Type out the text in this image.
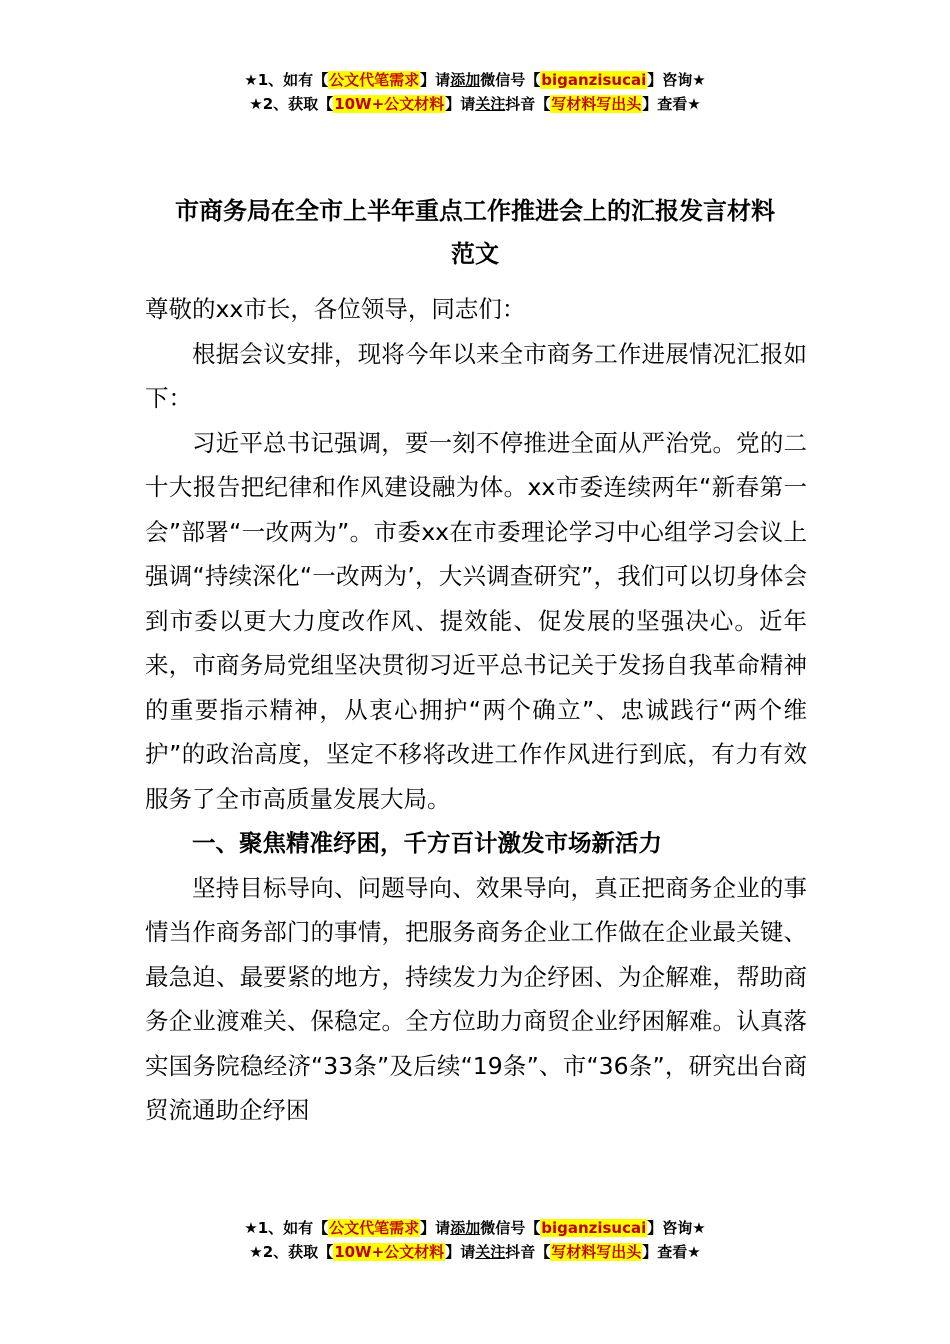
★1、如有【公文代笔需求】请添加微信号【biganzisucai】咨询★
★2、获取【10W+公文材料】请关注抖音【写材料写出头】查看★
市商务局在全市上半年重点工作推进会上的汇报发言材料
范文

尊敬的xx市长，各位领导，同志们：

根据会议安排，现将今年以来全市商务工作进展情况汇报如下：

习近平总书记强调，要一刻不停推进全面从严治党。党的二十大报告把纪律和作风建设融为体。xx市委连续两年“新春第一会”部署“一改两为”。市委xx在市委理论学习中心组学习会议上强调“持续深化“一改两为’，大兴调查研究”，我们可以切身体会到市委以更大力度改作风、提效能、促发展的坚强决心。近年来，市商务局党组坚决贯彻习近平总书记关于发扬自我革命精神的重要指示精神，从衷心拥护“两个确立”、忠诚践行“两个维护”的政治高度，坚定不移将改进工作作风进行到底，有力有效服务了全市高质量发展大局。

一、聚焦精准纾困，千方百计激发市场新活力

坚持目标导向、问题导向、效果导向，真正把商务企业的事情当作商务部门的事情，把服务商务企业工作做在企业最关键、最急迫、最要紧的地方，持续发力为企纾困、为企解难，帮助商务企业渡难关、保稳定。全方位助力商贸企业纾困解难。认真落实国务院稳经济“33条”及后续“19条”、市“36条”，研究出台商贸流通助企纾困

★1、如有【公文代笔需求】请添加微信号【biganzisucai】咨询★
★2、获取【10W+公文材料】请关注抖音【写材料写出头】查看★
